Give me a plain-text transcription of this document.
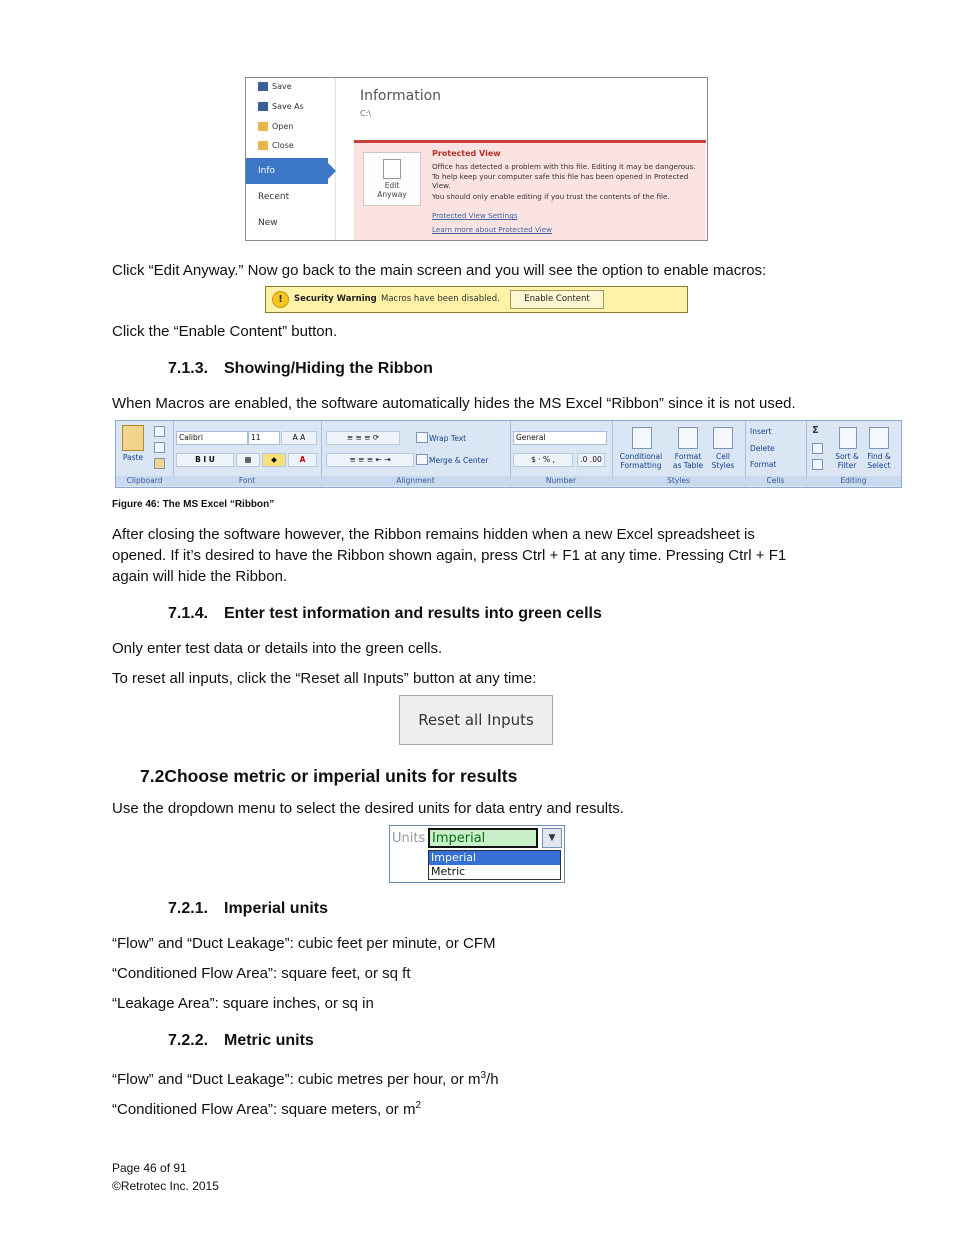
Save
Save As
Open
Close
Info
Recent
New
Information
C:\
Edit
Anyway
Protected View
Office has detected a problem with this file. Editing it may be dangerous. To help keep your computer safe this file has been opened in Protected View.
You should only enable editing if you trust the contents of the file.
Protected View Settings
Learn more about Protected View
Click “Edit Anyway.” Now go back to the main screen and you will see the option to enable macros:
!	Security Warning Macros have been disabled.	Enable Content
Click the “Enable Content” button.
7.1.3. Showing/Hiding the Ribbon
When Macros are enabled, the software automatically hides the MS Excel “Ribbon” since it is not used.
Paste
Clipboard
Calibri	11	A A
B I U	▦	◆	A
Font
≡ ≡ ≡ ⟳	Wrap Text
≡ ≡ ≡ ⇤ ⇥	Merge & Center
Alignment
General
$ · % ,	.0 .00
Number
Conditional
Formatting
Format
as Table
Cell
Styles
Styles
Insert
Delete
Format
Cells
Σ
Sort &
Filter
Find &
Select
Editing
Figure 46: The MS Excel “Ribbon”
After closing the software however, the Ribbon remains hidden when a new Excel spreadsheet is
opened. If it’s desired to have the Ribbon shown again, press Ctrl + F1 at any time. Pressing Ctrl + F1
again will hide the Ribbon.
7.1.4. Enter test information and results into green cells
Only enter test data or details into the green cells.
To reset all inputs, click the “Reset all Inputs” button at any time:
Reset all Inputs
7.2Choose metric or imperial units for results
Use the dropdown menu to select the desired units for data entry and results.
Units Imperial	▼
Imperial
Metric
7.2.1. Imperial units
“Flow” and “Duct Leakage”: cubic feet per minute, or CFM
“Conditioned Flow Area”: square feet, or sq ft
“Leakage Area”: square inches, or sq in
7.2.2. Metric units
“Flow” and “Duct Leakage”: cubic metres per hour, or $m^3/h$
“Conditioned Flow Area”: square meters, or $m^2$
Page 46 of 91
©Retrotec Inc. 2015
